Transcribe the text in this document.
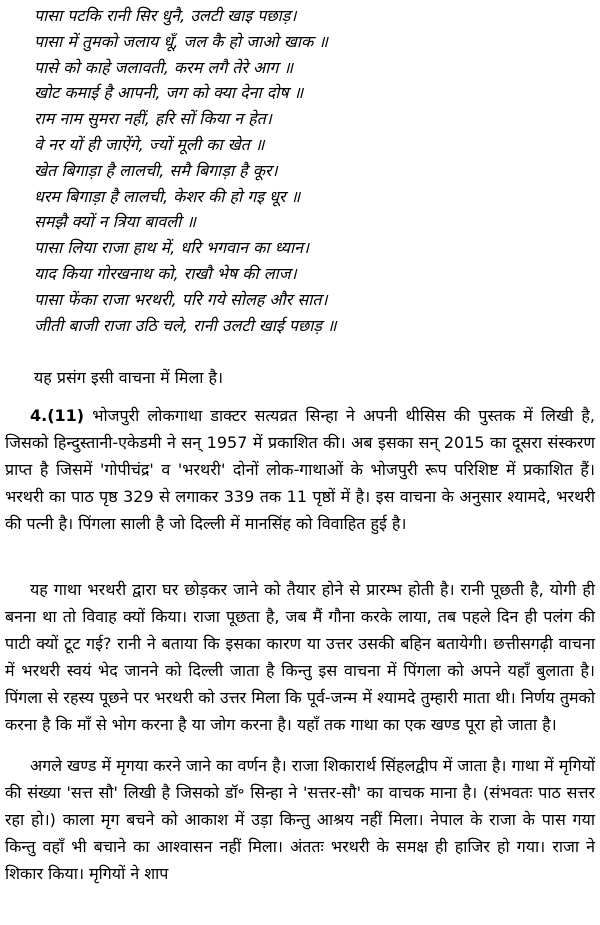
पासा पटकि रानी सिर धुनै, उलटी खाइ पछाड़।
पासा में तुमको जलाय धूँ, जल कै हो जाओ खाक ॥
पासे को काहे जलावती, करम लगै तेरे आग ॥
खोट कमाई है आपनी, जग को क्या देना दोष ॥
राम नाम सुमरा नहीं, हरि सों किया न हेत।
वे नर यों ही जाऐंगे, ज्यों मूली का खेत ॥
खेत बिगाड़ा है लालची, समै बिगाड़ा है कूर।
धरम बिगाड़ा है लालची, केशर की हो गइ धूर ॥
समझै क्यों न त्रिया बावली ॥
पासा लिया राजा हाथ में, धरि भगवान का ध्यान।
याद किया गोरखनाथ को, राखौ भेष की लाज।
पासा फेंका राजा भरथरी, परि गये सोलह और सात।
जीती बाजी राजा उठि चले, रानी उलटी खाई पछाड़ ॥
यह प्रसंग इसी वाचना में मिला है।

4.(11) भोजपुरी लोकगाथा डाक्टर सत्यव्रत सिन्हा ने अपनी थीसिस की पुस्तक में लिखी है, जिसको हिन्दुस्तानी-एकेडमी ने सन् 1957 में प्रकाशित की। अब इसका सन् 2015 का दूसरा संस्करण प्राप्त है जिसमें 'गोपीचंद्र' व 'भरथरी' दोनों लोक-गाथाओं के भोजपुरी रूप परिशिष्ट में प्रकाशित हैं। भरथरी का पाठ पृष्ठ 329 से लगाकर 339 तक 11 पृष्ठों में है। इस वाचना के अनुसार श्यामदे, भरथरी की पत्नी है। पिंगला साली है जो दिल्ली में मानसिंह को विवाहित हुई है।

यह गाथा भरथरी द्वारा घर छोड़कर जाने को तैयार होने से प्रारम्भ होती है। रानी पूछती है, योगी ही बनना था तो विवाह क्यों किया। राजा पूछता है, जब मैं गौना करके लाया, तब पहले दिन ही पलंग की पाटी क्यों टूट गई? रानी ने बताया कि इसका कारण या उत्तर उसकी बहिन बतायेगी। छत्तीसगढ़ी वाचना में भरथरी स्वयं भेद जानने को दिल्ली जाता है किन्तु इस वाचना में पिंगला को अपने यहाँ बुलाता है। पिंगला से रहस्य पूछने पर भरथरी को उत्तर मिला कि पूर्व-जन्म में श्यामदे तुम्हारी माता थी। निर्णय तुमको करना है कि माँ से भोग करना है या जोग करना है। यहाँ तक गाथा का एक खण्ड पूरा हो जाता है।

अगले खण्ड में मृगया करने जाने का वर्णन है। राजा शिकारार्थ सिंहलद्वीप में जाता है। गाथा में मृगियों की संख्या 'सत्त सौ' लिखी है जिसको डॉ॰ सिन्हा ने 'सत्तर-सौ' का वाचक माना है। (संभवतः पाठ सत्तर रहा हो।) काला मृग बचने को आकाश में उड़ा किन्तु आश्रय नहीं मिला। नेपाल के राजा के पास गया किन्तु वहाँ भी बचाने का आश्वासन नहीं मिला। अंततः भरथरी के समक्ष ही हाजिर हो गया। राजा ने शिकार किया। मृगियों ने शाप
